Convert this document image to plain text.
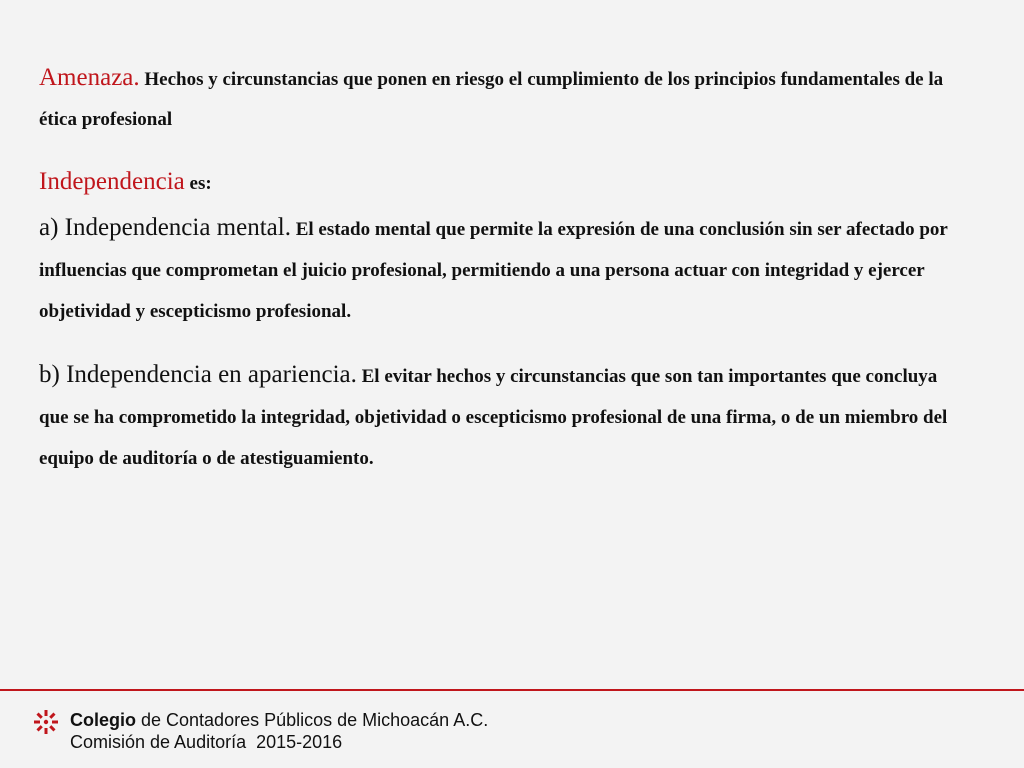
Amenaza. Hechos y circunstancias que ponen en riesgo el cumplimiento de los principios fundamentales de la ética profesional

Independencia es:

a) Independencia mental. El estado mental que permite la expresión de una conclusión sin ser afectado por influencias que comprometan el juicio profesional, permitiendo a una persona actuar con integridad y ejercer objetividad y escepticismo profesional.

b) Independencia en apariencia. El evitar hechos y circunstancias que son tan importantes que concluya que se ha comprometido la integridad, objetividad o escepticismo profesional de una firma, o de un miembro del equipo de auditoría o de atestiguamiento.

Colegio de Contadores Públicos de Michoacán A.C.
Comisión de Auditoría  2015-2016
